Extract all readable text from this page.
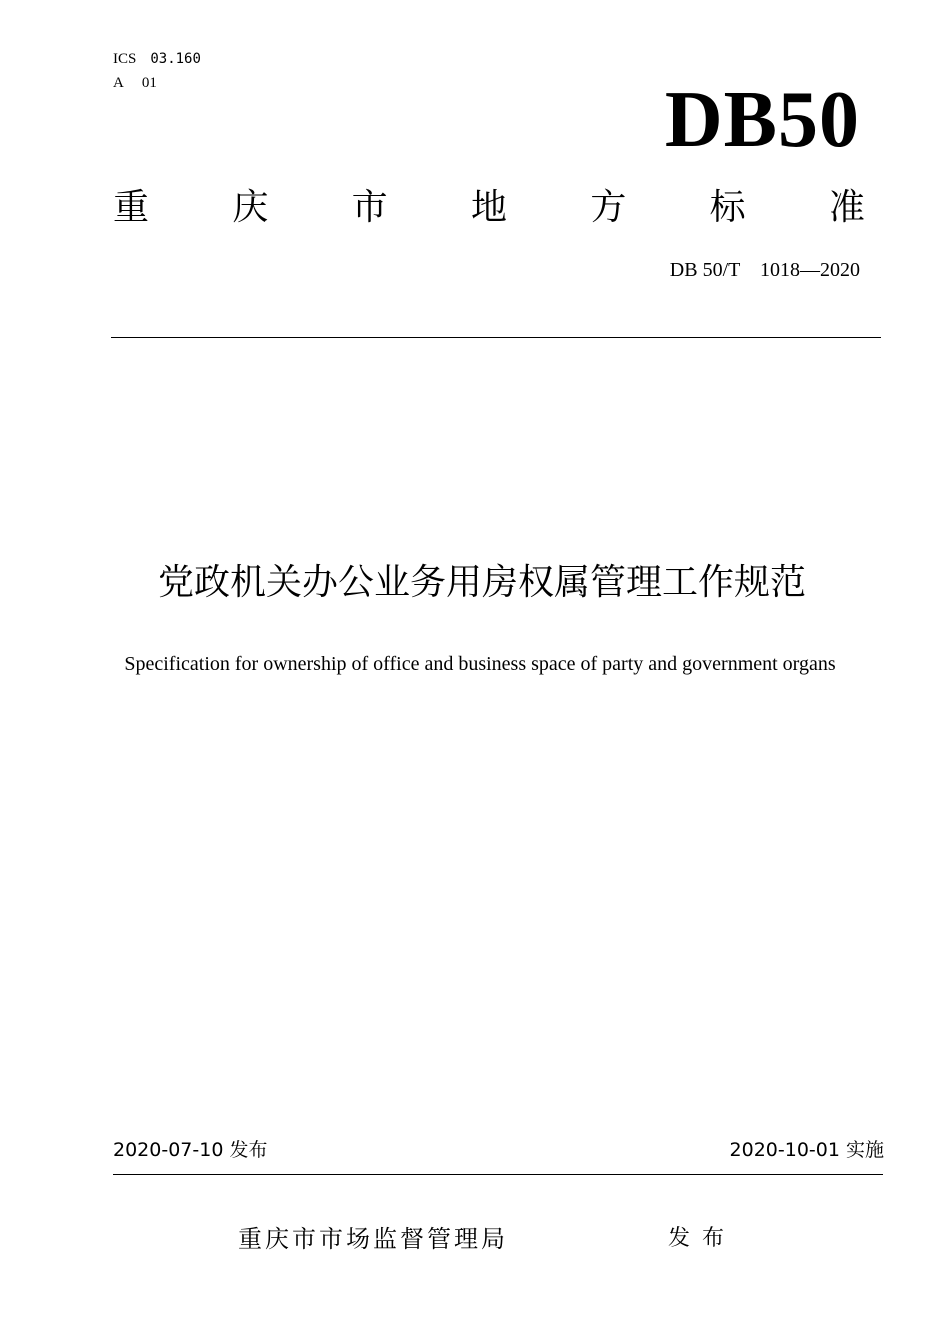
ICS 03.160
A 01	DB50
重 庆 市 地 方 标 准
DB 50/T　1018—2020
党政机关办公业务用房权属管理工作规范
Specification for ownership of office and business space of party and government organs
2020-07-10 发布	2020-10-01 实施
重庆市市场监督管理局	发布
